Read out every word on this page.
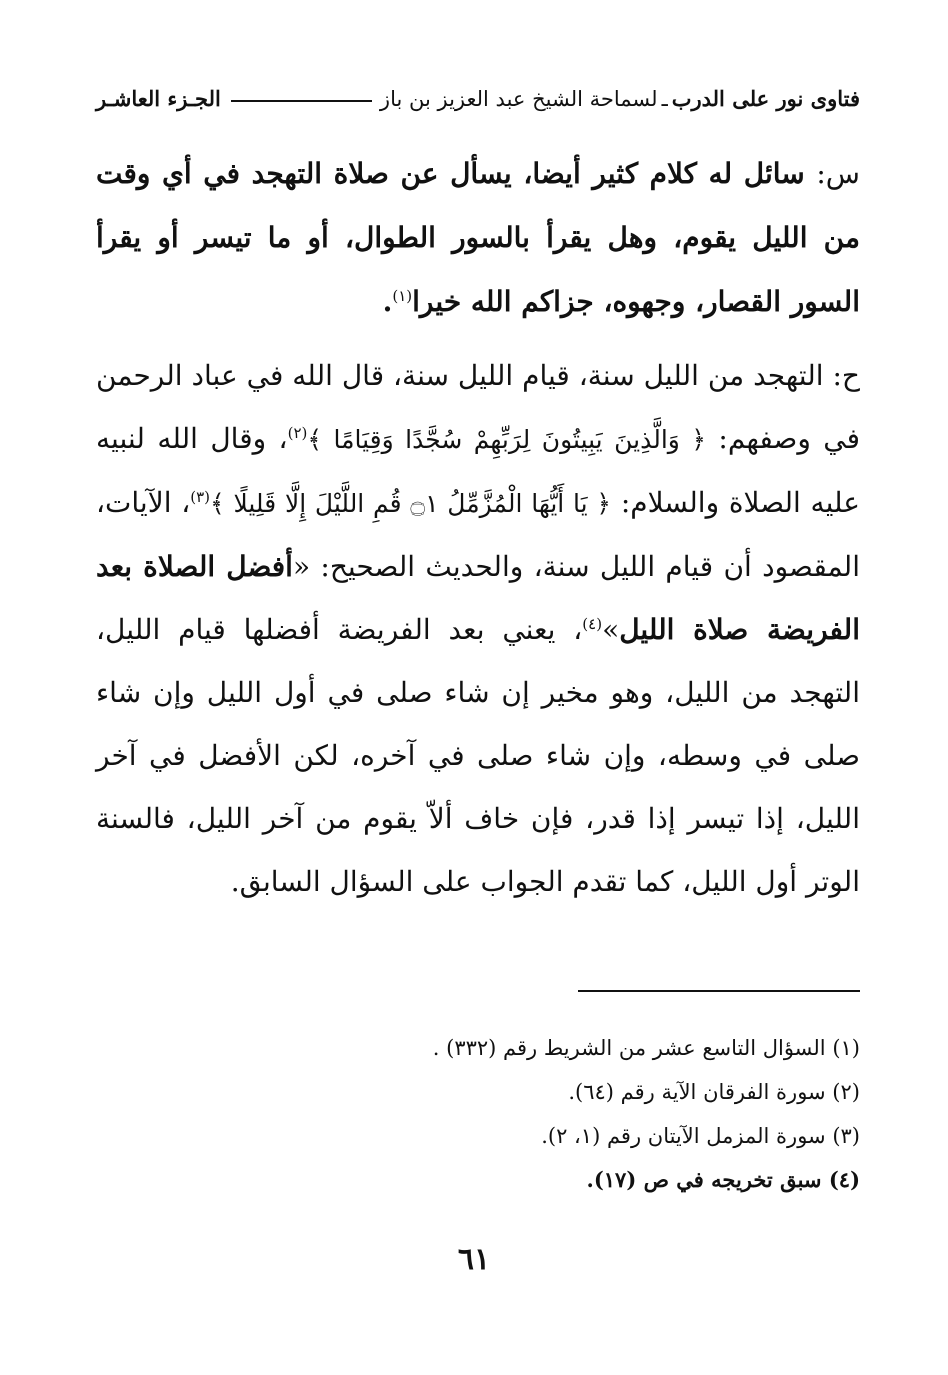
فتاوى نور على الدرب
ـ
لسماحة الشيخ عبد العزيز بن باز
الجـزء العاشـر
س: سائل له كلام كثير أيضا، يسأل عن صلاة التهجد في أي وقت من الليل يقوم، وهل يقرأ بالسور الطوال، أو ما تيسر أو يقرأ السور القصار، وجهوه، جزاكم الله خيرا$^{(١)}$.
ح: التهجد من الليل سنة، قيام الليل سنة، قال الله في عباد الرحمن في وصفهم: ﴿ وَالَّذِينَ يَبِيتُونَ لِرَبِّهِمْ سُجَّدًا وَقِيَامًا ﴾$^{(٢)}$، وقال الله لنبيه عليه الصلاة والسلام: ﴿ يَا أَيُّهَا الْمُزَّمِّلُ ۝١ قُمِ اللَّيْلَ إِلَّا قَلِيلًا ﴾$^{(٣)}$، الآيات، المقصود أن قيام الليل سنة، والحديث الصحيح: «أفضل الصلاة بعد الفريضة صلاة الليل»$^{(٤)}$، يعني بعد الفريضة أفضلها قيام الليل، التهجد من الليل، وهو مخير إن شاء صلى في أول الليل وإن شاء صلى في وسطه، وإن شاء صلى في آخره، لكن الأفضل في آخر الليل، إذا تيسر إذا قدر، فإن خاف ألاّ يقوم من آخر الليل، فالسنة الوتر أول الليل، كما تقدم الجواب على السؤال السابق.
(١) السؤال التاسع عشر من الشريط رقم (٣٣٢) .
(٢) سورة الفرقان الآية رقم (٦٤).
(٣) سورة المزمل الآيتان رقم (١، ٢).
(٤) سبق تخريجه في ص (١٧).
٦١
